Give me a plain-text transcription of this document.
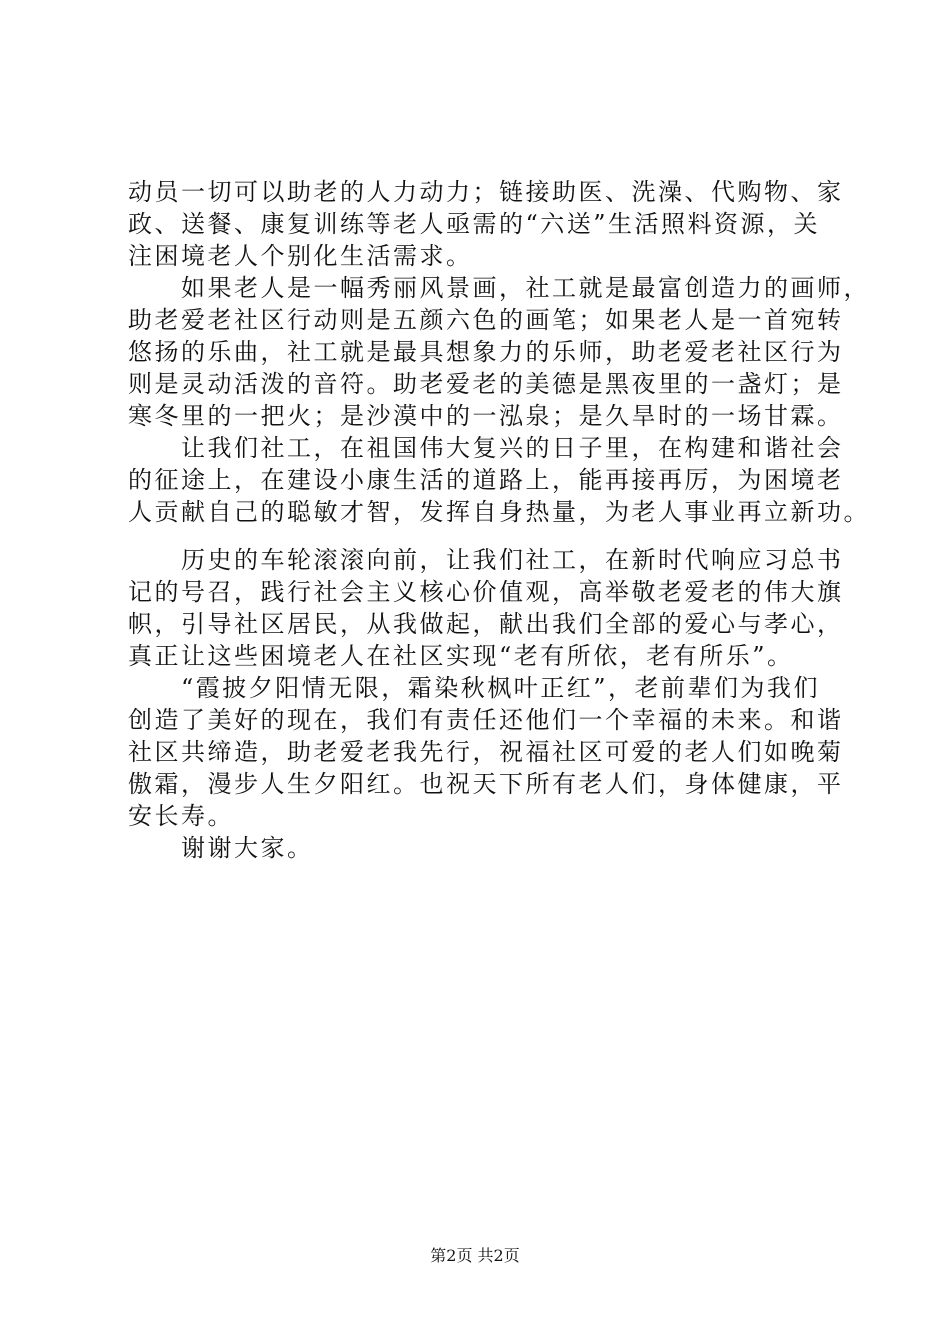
动员一切可以助老的人力动力；链接助医、洗澡、代购物、家
政、送餐、康复训练等老人亟需的“六送”生活照料资源，关
注困境老人个别化生活需求。
　　如果老人是一幅秀丽风景画，社工就是最富创造力的画师，
助老爱老社区行动则是五颜六色的画笔；如果老人是一首宛转
悠扬的乐曲，社工就是最具想象力的乐师，助老爱老社区行为
则是灵动活泼的音符。助老爱老的美德是黑夜里的一盏灯；是
寒冬里的一把火；是沙漠中的一泓泉；是久旱时的一场甘霖。
　　让我们社工，在祖国伟大复兴的日子里，在构建和谐社会
的征途上，在建设小康生活的道路上，能再接再厉，为困境老
人贡献自己的聪敏才智，发挥自身热量，为老人事业再立新功。
　　历史的车轮滚滚向前，让我们社工，在新时代响应习总书
记的号召，践行社会主义核心价值观，高举敬老爱老的伟大旗
帜，引导社区居民，从我做起，献出我们全部的爱心与孝心，
真正让这些困境老人在社区实现“老有所依，老有所乐”。
　　“霞披夕阳情无限，霜染秋枫叶正红”，老前辈们为我们
创造了美好的现在，我们有责任还他们一个幸福的未来。和谐
社区共缔造，助老爱老我先行，祝福社区可爱的老人们如晚菊
傲霜，漫步人生夕阳红。也祝天下所有老人们，身体健康，平
安长寿。
　　谢谢大家。
第2页 共2页
